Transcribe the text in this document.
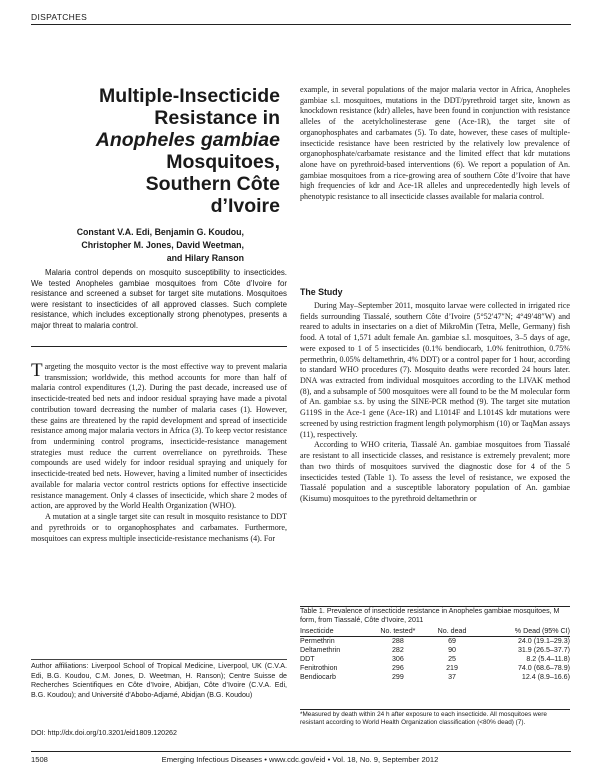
DISPATCHES
Multiple-Insecticide
Resistance in
Anopheles gambiae
Mosquitoes,
Southern Côte
d’Ivoire
Constant V.A. Edi, Benjamin G. Koudou,
Christopher M. Jones, David Weetman,
and Hilary Ranson
Malaria control depends on mosquito susceptibility to insecticides. We tested Anopheles gambiae mosquitoes from Côte d’Ivoire for resistance and screened a subset for target site mutations. Mosquitoes were resistant to insecticides of all approved classes. Such complete resistance, which includes exceptionally strong phenotypes, presents a major threat to malaria control.
T argeting the mosquito vector is the most effective way to prevent malaria transmission; worldwide, this method accounts for more than half of malaria control expenditures (1,2). During the past decade, increased use of insecticide-treated bed nets and indoor residual spraying have made a pivotal contribution toward decreasing the number of malaria cases (1). However, these gains are threatened by the rapid development and spread of insecticide resistance among major malaria vectors in Africa (3). To keep vector resistance from undermining control programs, insecticide-resistance management strategies must reduce the current overreliance on pyrethroids. These compounds are used widely for indoor residual spraying and uniquely for insecticide-treated bed nets. However, having a limited number of insecticides available for malaria vector control restricts options for effective insecticide resistance management. Only 4 classes of insecticide, which share 2 modes of action, are approved by the World Health Organization (WHO).
A mutation at a single target site can result in mosquito resistance to DDT and pyrethroids or to organophosphates and carbamates. Furthermore, mosquitoes can express multiple insecticide-resistance mechanisms (4). For
Author affiliations: Liverpool School of Tropical Medicine, Liverpool, UK (C.V.A. Edi, B.G. Koudou, C.M. Jones, D. Weetman, H. Ranson); Centre Suisse de Recherches Scientifiques en Côte d’Ivoire, Abidjan, Côte d’Ivoire (C.V.A. Edi, B.G. Koudou); and Université d’Abobo-Adjamé, Abidjan (B.G. Koudou)
DOI: http://dx.doi.org/10.3201/eid1809.120262
example, in several populations of the major malaria vector in Africa, Anopheles gambiae s.l. mosquitoes, mutations in the DDT/pyrethroid target site, known as knockdown resistance (kdr) alleles, have been found in conjunction with resistance alleles of the acetylcholinesterase gene (Ace-1R), the target site of organophosphates and carbamates (5). To date, however, these cases of multiple-insecticide resistance have been restricted by the relatively low prevalence of organophosphate/carbamate resistance and the limited effect that kdr mutations alone have on pyrethroid-based interventions (6). We report a population of An. gambiae mosquitoes from a rice-growing area of southern Côte d’Ivoire that have high frequencies of kdr and Ace-1R alleles and unprecedentedly high levels of phenotypic resistance to all insecticide classes available for malaria control.
The Study
During May–September 2011, mosquito larvae were collected in irrigated rice fields surrounding Tiassalé, southern Côte d’Ivoire (5°52′47″N; 4°49′48″W) and reared to adults in insectaries on a diet of MikroMin (Tetra, Melle, Germany) fish food. A total of 1,571 adult female An. gambiae s.l. mosquitoes, 3–5 days of age, were exposed to 1 of 5 insecticides (0.1% bendiocarb, 1.0% fenitrothion, 0.75% permethrin, 0.05% deltamethrin, 4% DDT) or a control paper for 1 hour, according to standard WHO procedures (7). Mosquito deaths were recorded 24 hours later. DNA was extracted from individual mosquitoes according to the LIVAK method (8), and a subsample of 500 mosquitoes were all found to be the M molecular form of An. gambiae s.s. by using the SINE-PCR method (9). The target site mutation G119S in the Ace-1 gene (Ace-1R) and L1014F and L1014S kdr mutations were screened by using restriction fragment length polymorphism (10) or TaqMan assays (11), respectively.
According to WHO criteria, Tiassalé An. gambiae mosquitoes from Tiassalé are resistant to all insecticide classes, and resistance is extremely prevalent; more than two thirds of mosquitoes survived the diagnostic dose for 4 of the 5 insecticides tested (Table 1). To assess the level of resistance, we exposed the Tiassalé population and a susceptible laboratory population of An. gambiae (Kisumu) mosquitoes to the pyrethroid deltamethrin or
Table 1. Prevalence of insecticide resistance in Anopheles gambiae mosquitoes, M form, from Tiassalé, Côte d’Ivoire, 2011
Insecticide	No. tested*	No. dead	% Dead (95% CI)
Permethrin	288	69	24.0 (19.1–29.3)
Deltamethrin	282	90	31.9 (26.5–37.7)
DDT	306	25	8.2 (5.4–11.8)
Fenitrothion	296	219	74.0 (68.6–78.9)
Bendiocarb	299	37	12.4 (8.9–16.6)
*Measured by death within 24 h after exposure to each insecticide. All mosquitoes were resistant according to World Health Organization classification (<80% dead) (7).
1508	Emerging Infectious Diseases • www.cdc.gov/eid • Vol. 18, No. 9, September 2012
